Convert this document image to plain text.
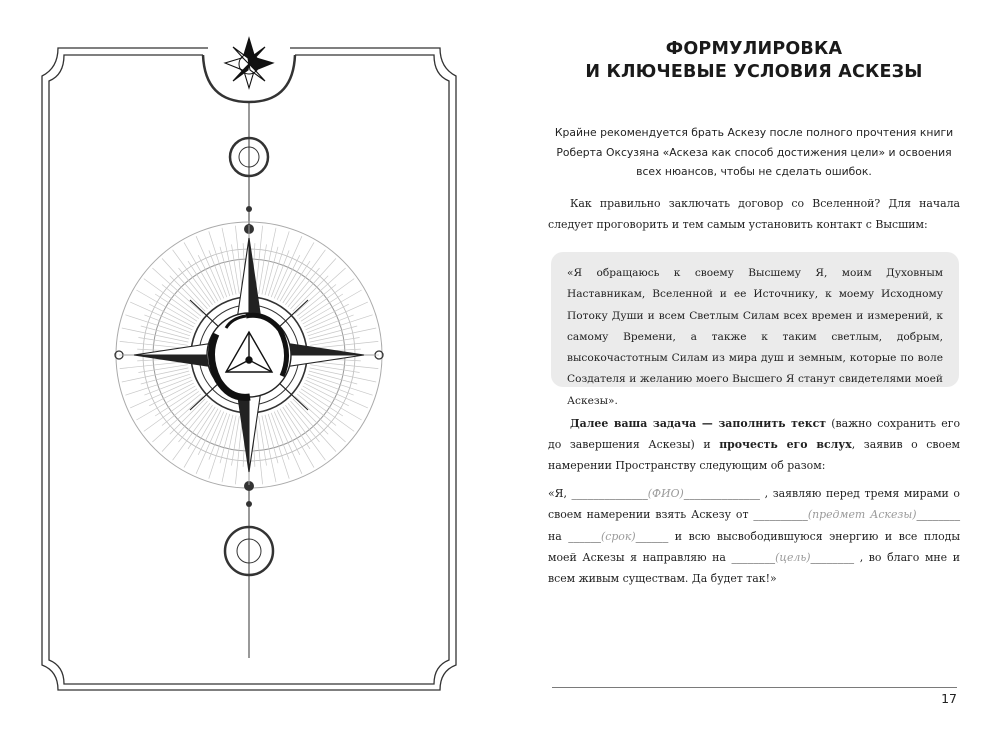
ФОРМУЛИРОВКА
И КЛЮЧЕВЫЕ УСЛОВИЯ АСКЕЗЫ
Крайне рекомендуется брать Аскезу после полного прочтения книги Роберта Оксузяна «Аскеза как способ достижения цели» и освоения всех нюансов, чтобы не сделать ошибок.
Как правильно заключать договор со Вселенной? Для начала следует проговорить и тем самым установить контакт с Высшим:
«Я обращаюсь к своему Высшему Я, моим Духовным Наставникам, Вселенной и ее Источнику, к моему Исходному Потоку Души и всем Светлым Силам всех времен и измерений, к самому Времени, а также к таким светлым, добрым, высокочастотным Силам из мира душ и земным, которые по воле Создателя и желанию моего Высшего Я станут свидетелями моей Аскезы».
Далее ваша задача — заполнить текст (важно сохранить его до завершения Аскезы) и прочесть его вслух, заявив о своем намерении Пространству следующим об разом:
«Я, ______________(ФИО)______________ , заявляю перед тремя мирами о своем намерении взять Аскезу от __________(предмет Аскезы)________ на ______(срок)______ и всю высвободившуюся энергию и все плоды моей Аскезы я направляю на ________(цель)________ , во благо мне и всем живым существам. Да будет так!»
17
